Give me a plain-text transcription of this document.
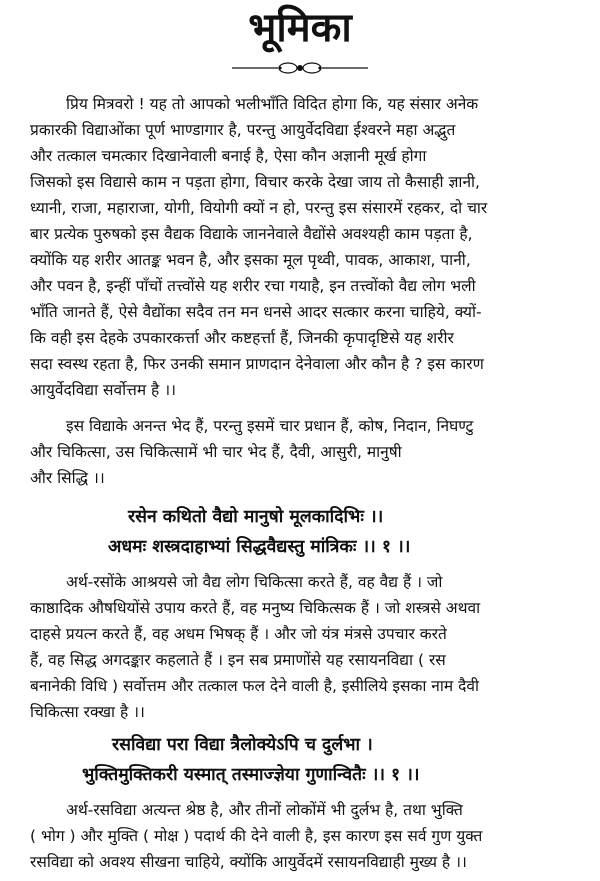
भूमिका
प्रिय मित्रवरो ! यह तो आपको भलीभाँति विदित होगा कि, यह संसार अनेक
प्रकारकी विद्याओंका पूर्ण भाण्डागार है, परन्तु आयुर्वेदविद्या ईश्वरने महा अद्भुत
और तत्काल चमत्कार दिखानेवाली बनाई है, ऐसा कौन अज्ञानी मूर्ख होगा
जिसको इस विद्यासे काम न पड़ता होगा, विचार करके देखा जाय तो कैसाही ज्ञानी,
ध्यानी, राजा, महाराजा, योगी, वियोगी क्यों न हो, परन्तु इस संसारमें रहकर, दो चार
बार प्रत्येक पुरुषको इस वैद्यक विद्याके जाननेवाले वैद्योंसे अवश्यही काम पड़ता है,
क्योंकि यह शरीर आतङ्क भवन है, और इसका मूल पृथ्वी, पावक, आकाश, पानी,
और पवन है, इन्हीं पाँचों तत्त्वोंसे यह शरीर रचा गयाहै, इन तत्त्वोंको वैद्य लोग भली
भाँति जानते हैं, ऐसे वैद्योंका सदैव तन मन धनसे आदर सत्कार करना चाहिये, क्यों-
कि वही इस देहके उपकारकर्त्ता और कष्टहर्त्ता हैं, जिनकी कृपादृष्टिसे यह शरीर
सदा स्वस्थ रहता है, फिर उनकी समान प्राणदान देनेवाला और कौन है ? इस कारण
आयुर्वेदविद्या सर्वोत्तम है ।।
इस विद्याके अनन्त भेद हैं, परन्तु इसमें चार प्रधान हैं, कोष, निदान, निघण्टु
और चिकित्सा, उस चिकित्सामें भी चार भेद हैं, दैवी, आसुरी, मानुषी
और सिद्धि ।।
रसेन कथितो वैद्यो मानुषो मूलकादिभिः ।।
अधमः शस्त्रदाहाभ्यां सिद्धवैद्यस्तु मांत्रिकः ।। १ ।।
अर्थ-रसोंके आश्रयसे जो वैद्य लोग चिकित्सा करते हैं, वह वैद्य हैं । जो
काष्ठादिक औषधियोंसे उपाय करते हैं, वह मनुष्य चिकित्सक हैं । जो शस्त्रसे अथवा
दाहसे प्रयत्न करते हैं, वह अधम भिषक् हैं । और जो यंत्र मंत्रसे उपचार करते
हैं, वह सिद्ध अगदङ्कार कहलाते हैं । इन सब प्रमाणोंसे यह रसायनविद्या ( रस
बनानेकी विधि ) सर्वोत्तम और तत्काल फल देने वाली है, इसीलिये इसका नाम दैवी
चिकित्सा रक्खा है ।।
रसविद्या परा विद्या त्रैलोक्येऽपि च दुर्लभा ।
भुक्तिमुक्तिकरी यस्मात् तस्माज्ज्ञेया गुणान्वितैः ।। १ ।।
अर्थ-रसविद्या अत्यन्त श्रेष्ठ है, और तीनों लोकोंमें भी दुर्लभ है, तथा भुक्ति
( भोग ) और मुक्ति ( मोक्ष ) पदार्थ की देने वाली है, इस कारण इस सर्व गुण युक्त
रसविद्या को अवश्य सीखना चाहिये, क्योंकि आयुर्वेदमें रसायनविद्याही मुख्य है ।।
